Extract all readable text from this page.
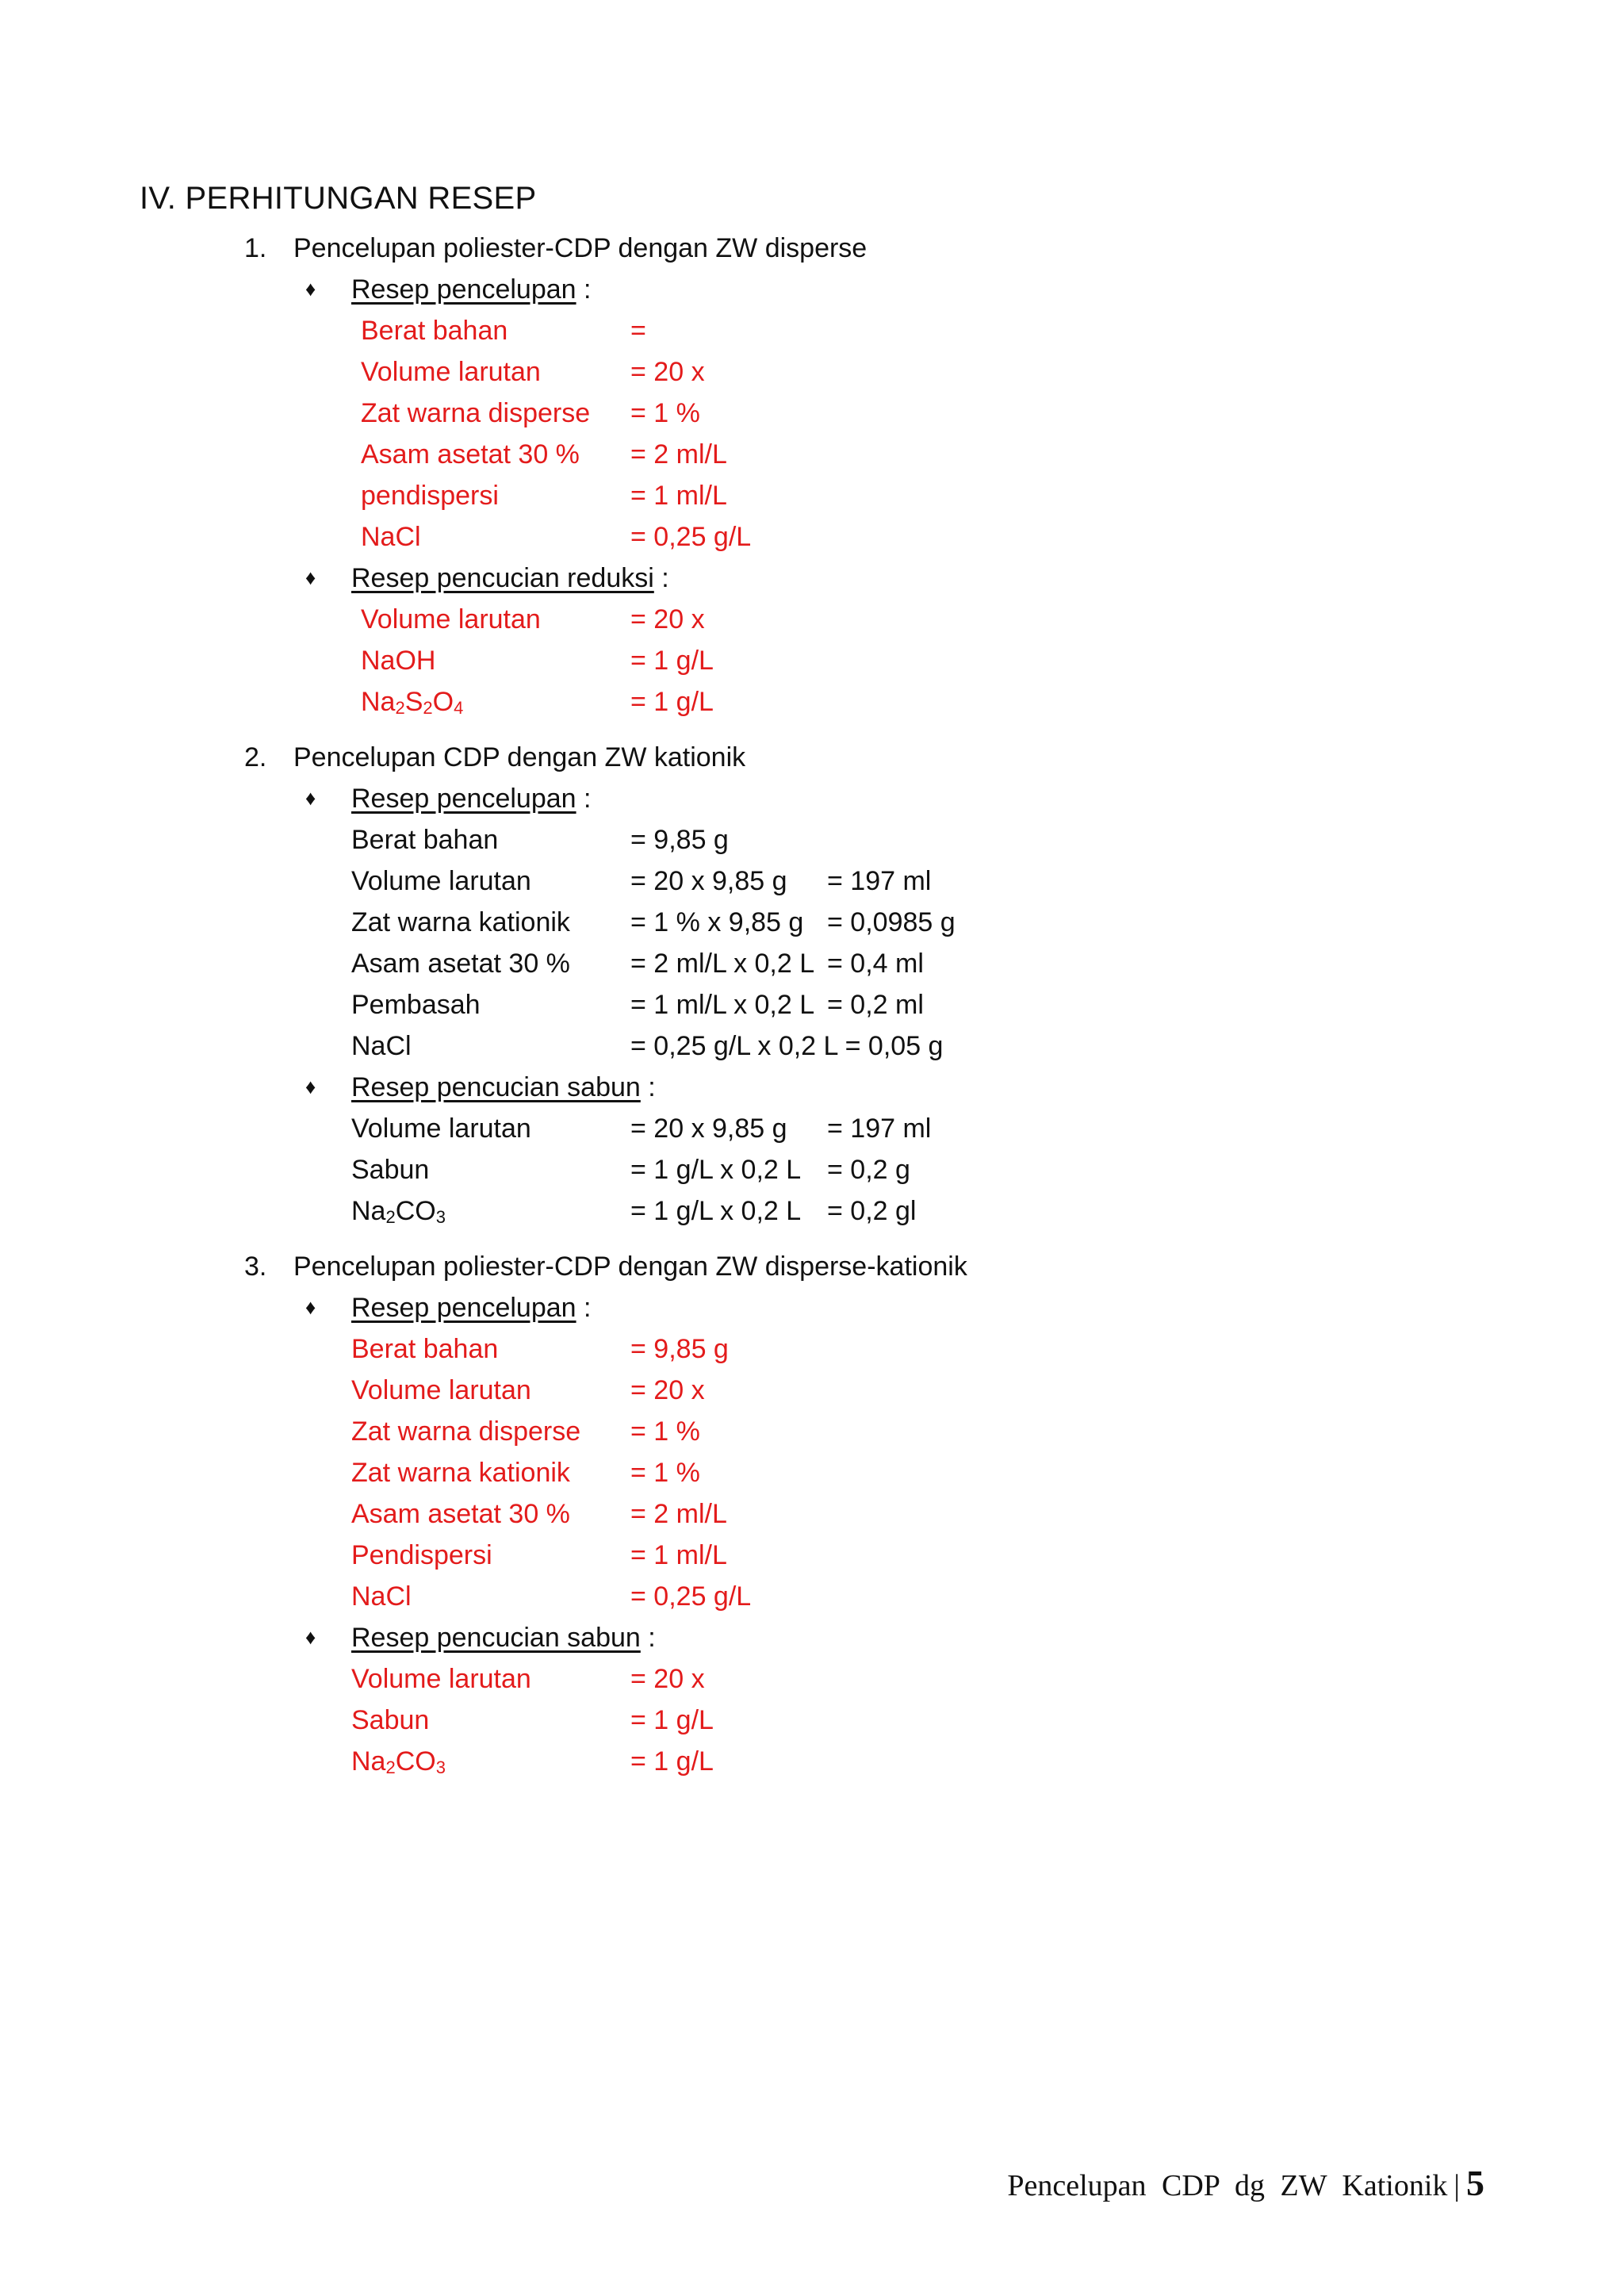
IV. PERHITUNGAN RESEP
1. Pencelupan poliester-CDP dengan ZW disperse
♦ Resep pencelupan :
Berat bahan	=
Volume larutan	= 20 x
Zat warna disperse = 1 %
Asam asetat 30 % = 2 ml/L
pendispersi	= 1 ml/L
NaCl	= 0,25 g/L
♦ Resep pencucian reduksi :
Volume larutan	= 20 x
NaOH	= 1 g/L
$Na_2S_2O_4$	= 1 g/L
2. Pencelupan CDP dengan ZW kationik
♦ Resep pencelupan :
Berat bahan	= 9,85 g
Volume larutan	= 20 x 9,85 g = 197 ml
Zat warna kationik = 1 % x 9,85 g = 0,0985 g
Asam asetat 30 % = 2 ml/L x 0,2 L = 0,4 ml
Pembasah	= 1 ml/L x 0,2 L = 0,2 ml
NaCl	= 0,25 g/L x 0,2 L = 0,05 g
♦ Resep pencucian sabun :
Volume larutan	= 20 x 9,85 g = 197 ml
Sabun	= 1 g/L x 0,2 L = 0,2 g
$Na_2CO_3$	= 1 g/L x 0,2 L = 0,2 gl
3. Pencelupan poliester-CDP dengan ZW disperse-kationik
♦ Resep pencelupan :
Berat bahan	= 9,85 g
Volume larutan	= 20 x
Zat warna disperse = 1 %
Zat warna kationik = 1 %
Asam asetat 30 % = 2 ml/L
Pendispersi	= 1 ml/L
NaCl	= 0,25 g/L
♦ Resep pencucian sabun :
Volume larutan	= 20 x
Sabun	= 1 g/L
$Na_2CO_3$	= 1 g/L
Pencelupan CDP dg ZW Kationik | 5
